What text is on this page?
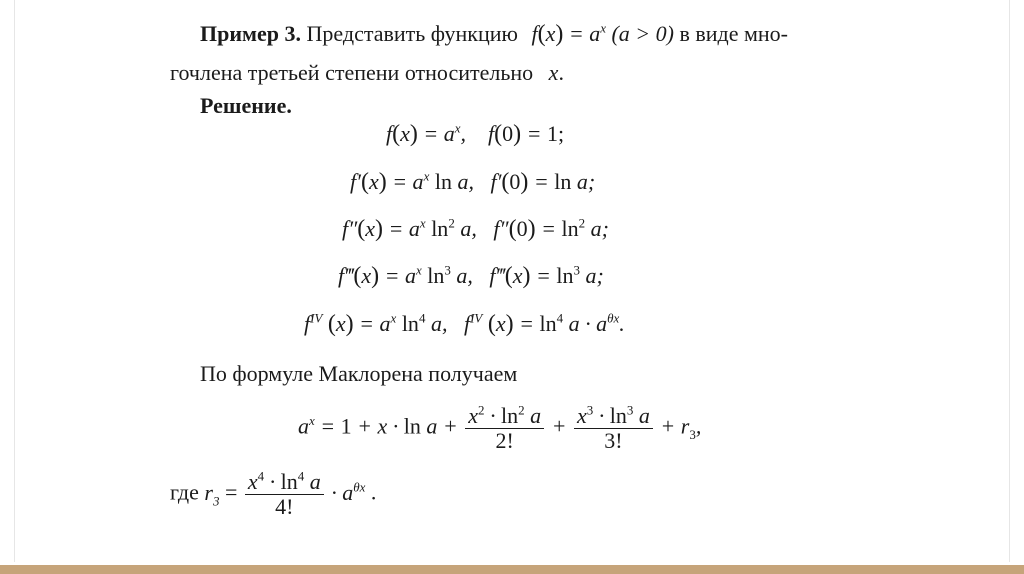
Пример 3. Представить функцию $f(x) = a^x$ (a > 0) в виде мно-
гочлена третьей степени относительно x.
Решение.
$f(x) = a^x$,    f(0) = 1;
$f'(x) = a^x$ ln a,   f′(0) = ln a;
$f''(x) = a^x$ $\ln^2 a$,   $f''(0) = \ln^2 a$;
f‴(x) = $a^x$ $\ln^3 a$,   f‴(x) = $\ln^3 a$;
$f^{IV}$ $(x) = a^x$ $\ln^4 a$,   $f^{IV}$ $(x) = \ln^4 a \cdot a^{\theta x}$.
По формуле Маклорена получаем
$a^x = 1 + x \cdot \ln a + \frac{x^2 \cdot \ln^2 a}{2!} + \frac{x^3 \cdot \ln^3 a}{3!} + r_3$,
где $r_3 = \frac{x^4 \cdot \ln^4 a}{4!} \cdot a^{\theta x}$ .
